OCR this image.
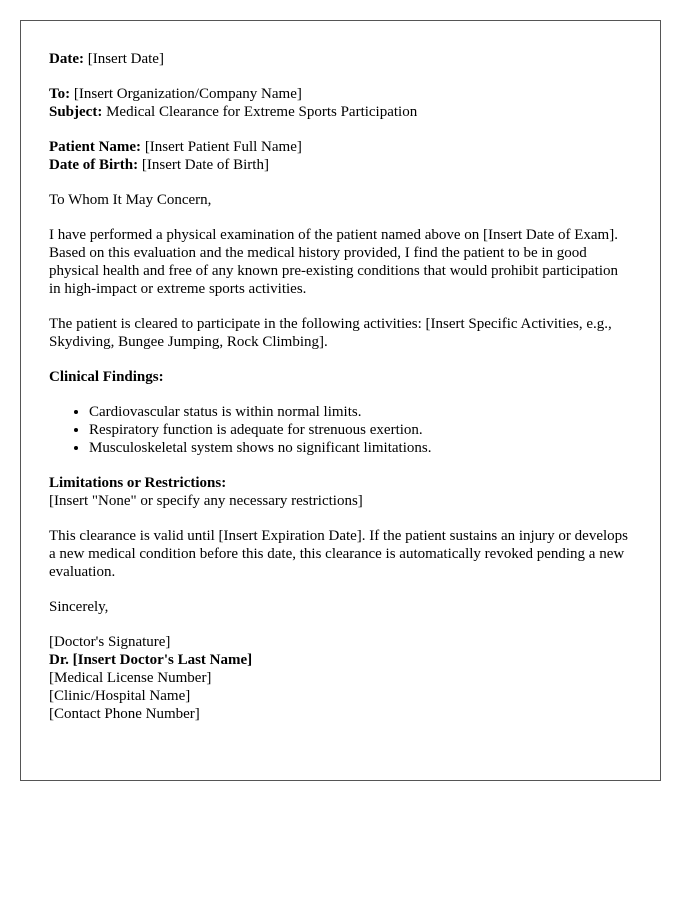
Date: [Insert Date]

To: [Insert Organization/Company Name]
Subject: Medical Clearance for Extreme Sports Participation

Patient Name: [Insert Patient Full Name]
Date of Birth: [Insert Date of Birth]

To Whom It May Concern,

I have performed a physical examination of the patient named above on [Insert Date of Exam]. Based on this evaluation and the medical history provided, I find the patient to be in good physical health and free of any known pre-existing conditions that would prohibit participation in high-impact or extreme sports activities.

The patient is cleared to participate in the following activities: [Insert Specific Activities, e.g., Skydiving, Bungee Jumping, Rock Climbing].

Clinical Findings:

• Cardiovascular status is within normal limits.
• Respiratory function is adequate for strenuous exertion.
• Musculoskeletal system shows no significant limitations.

Limitations or Restrictions:
[Insert "None" or specify any necessary restrictions]

This clearance is valid until [Insert Expiration Date]. If the patient sustains an injury or develops a new medical condition before this date, this clearance is automatically revoked pending a new evaluation.

Sincerely,

[Doctor's Signature]
Dr. [Insert Doctor's Last Name]
[Medical License Number]
[Clinic/Hospital Name]
[Contact Phone Number]
